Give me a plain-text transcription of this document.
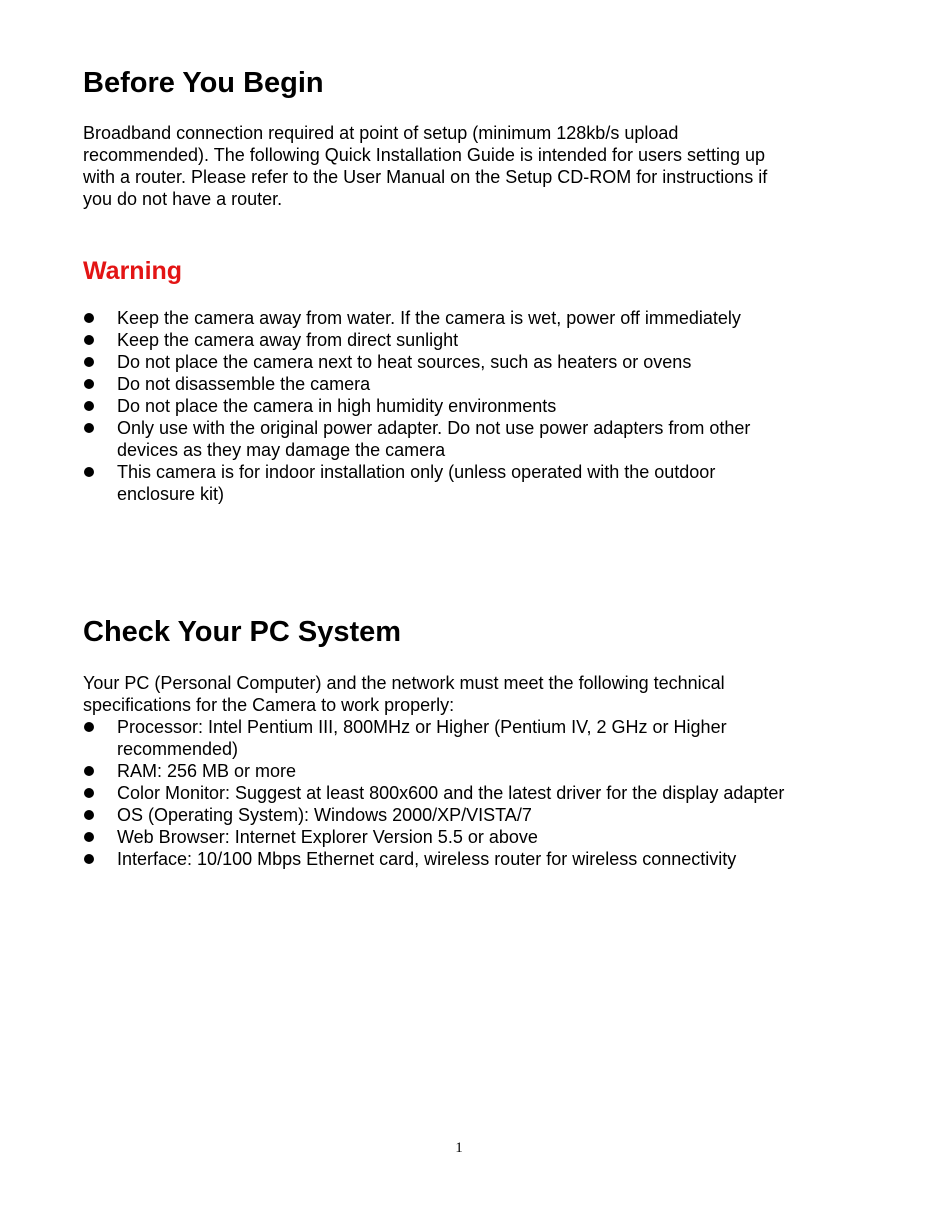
Before You Begin
Broadband connection required at point of setup (minimum 128kb/s upload
recommended). The following Quick Installation Guide is intended for users setting up
with a router. Please refer to the User Manual on the Setup CD-ROM for instructions if
you do not have a router.
Warning
Keep the camera away from water. If the camera is wet, power off immediately
Keep the camera away from direct sunlight
Do not place the camera next to heat sources, such as heaters or ovens
Do not disassemble the camera
Do not place the camera in high humidity environments
Only use with the original power adapter. Do not use power adapters from other
devices as they may damage the camera
This camera is for indoor installation only (unless operated with the outdoor
enclosure kit)
Check Your PC System
Your PC (Personal Computer) and the network must meet the following technical
specifications for the Camera to work properly:
Processor: Intel Pentium III, 800MHz or Higher (Pentium IV, 2 GHz or Higher
recommended)
RAM: 256 MB or more
Color Monitor: Suggest at least 800x600 and the latest driver for the display adapter
OS (Operating System): Windows 2000/XP/VISTA/7
Web Browser: Internet Explorer Version 5.5 or above
Interface: 10/100 Mbps Ethernet card, wireless router for wireless connectivity
1
